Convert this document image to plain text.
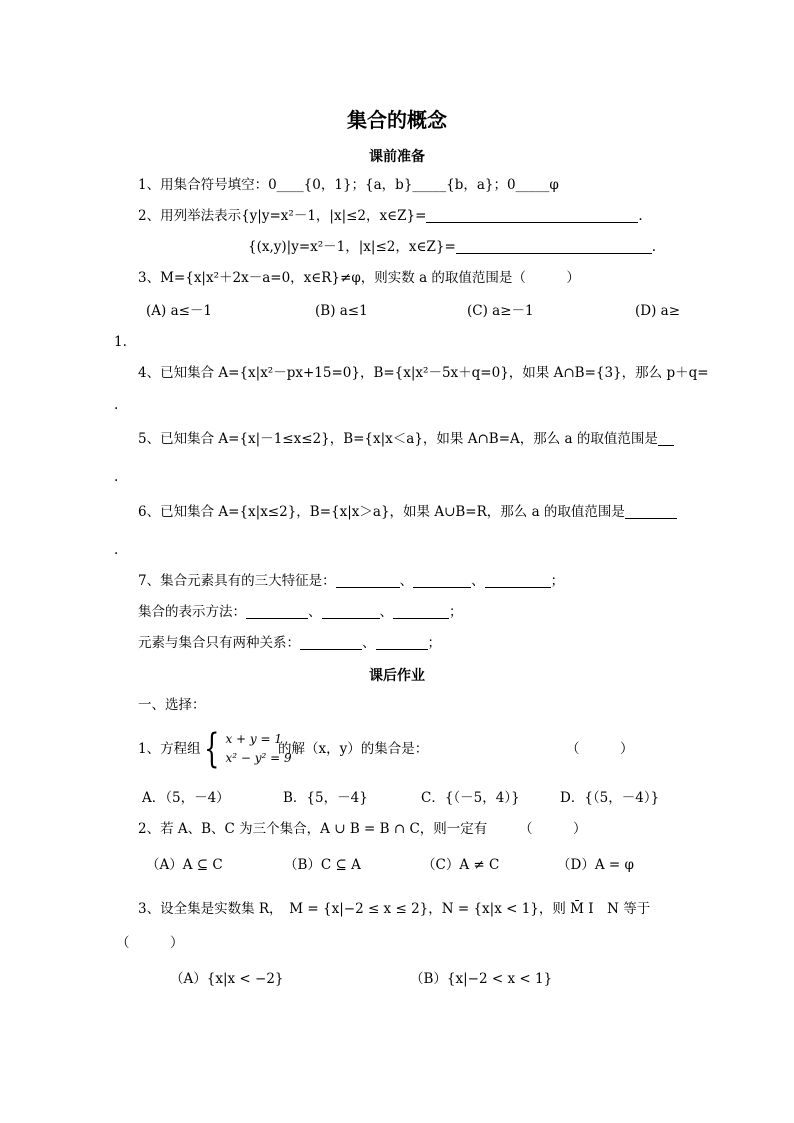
集合的概念
课前准备
1、用集合符号填空：0____{0，1}；{a，b}_____{b，a}；0_____φ
2、用列举法表示{y|y=x²－1，|x|≤2，x∈Z}=	.
{(x,y)|y=x²－1，|x|≤2，x∈Z}=	.
3、M={x|x²＋2x－a=0，x∈R}≠φ，则实数 a 的取值范围是（　　　）
(A) a≤－1	(B) a≤1	(C) a≥－1	(D) a≥
1.
4、已知集合 A={x|x²－px+15=0}，B={x|x²－5x＋q=0}，如果 A∩B={3}，那么 p＋q=
.
5、已知集合 A={x|－1≤x≤2}，B={x|x＜a}，如果 A∩B=A，那么 a 的取值范围是
.
6、已知集合 A={x|x≤2}，B={x|x＞a}，如果 A∪B=R，那么 a 的取值范围是
.
7、集合元素具有的三大特征是：	、	、	；
集合的表示方法：	、	、	；
元素与集合只有两种关系：	、	；
课后作业
一、选择：
1、方程组 { x + y = 1
x² − y² = 9
的解（x，y）的集合是：	（　　　）
A．（5，－4）	B．{5，－4}	C．{（－5，4）}	D．{（5，－4）}
2、若 A、B、C 为三个集合，A ∪ B = B ∩ C，则一定有 （　　　）
（A）A ⊆ C	（B）C ⊆ A	（C）A ≠ C	（D）A = φ
3、设全集是实数集 R，　M = {x|−2 ≤ x ≤ 2}，N = {x|x < 1}，则 M̄ I　N 等于
（　　　）
（A）{x|x < −2}	（B）{x|−2 < x < 1}
